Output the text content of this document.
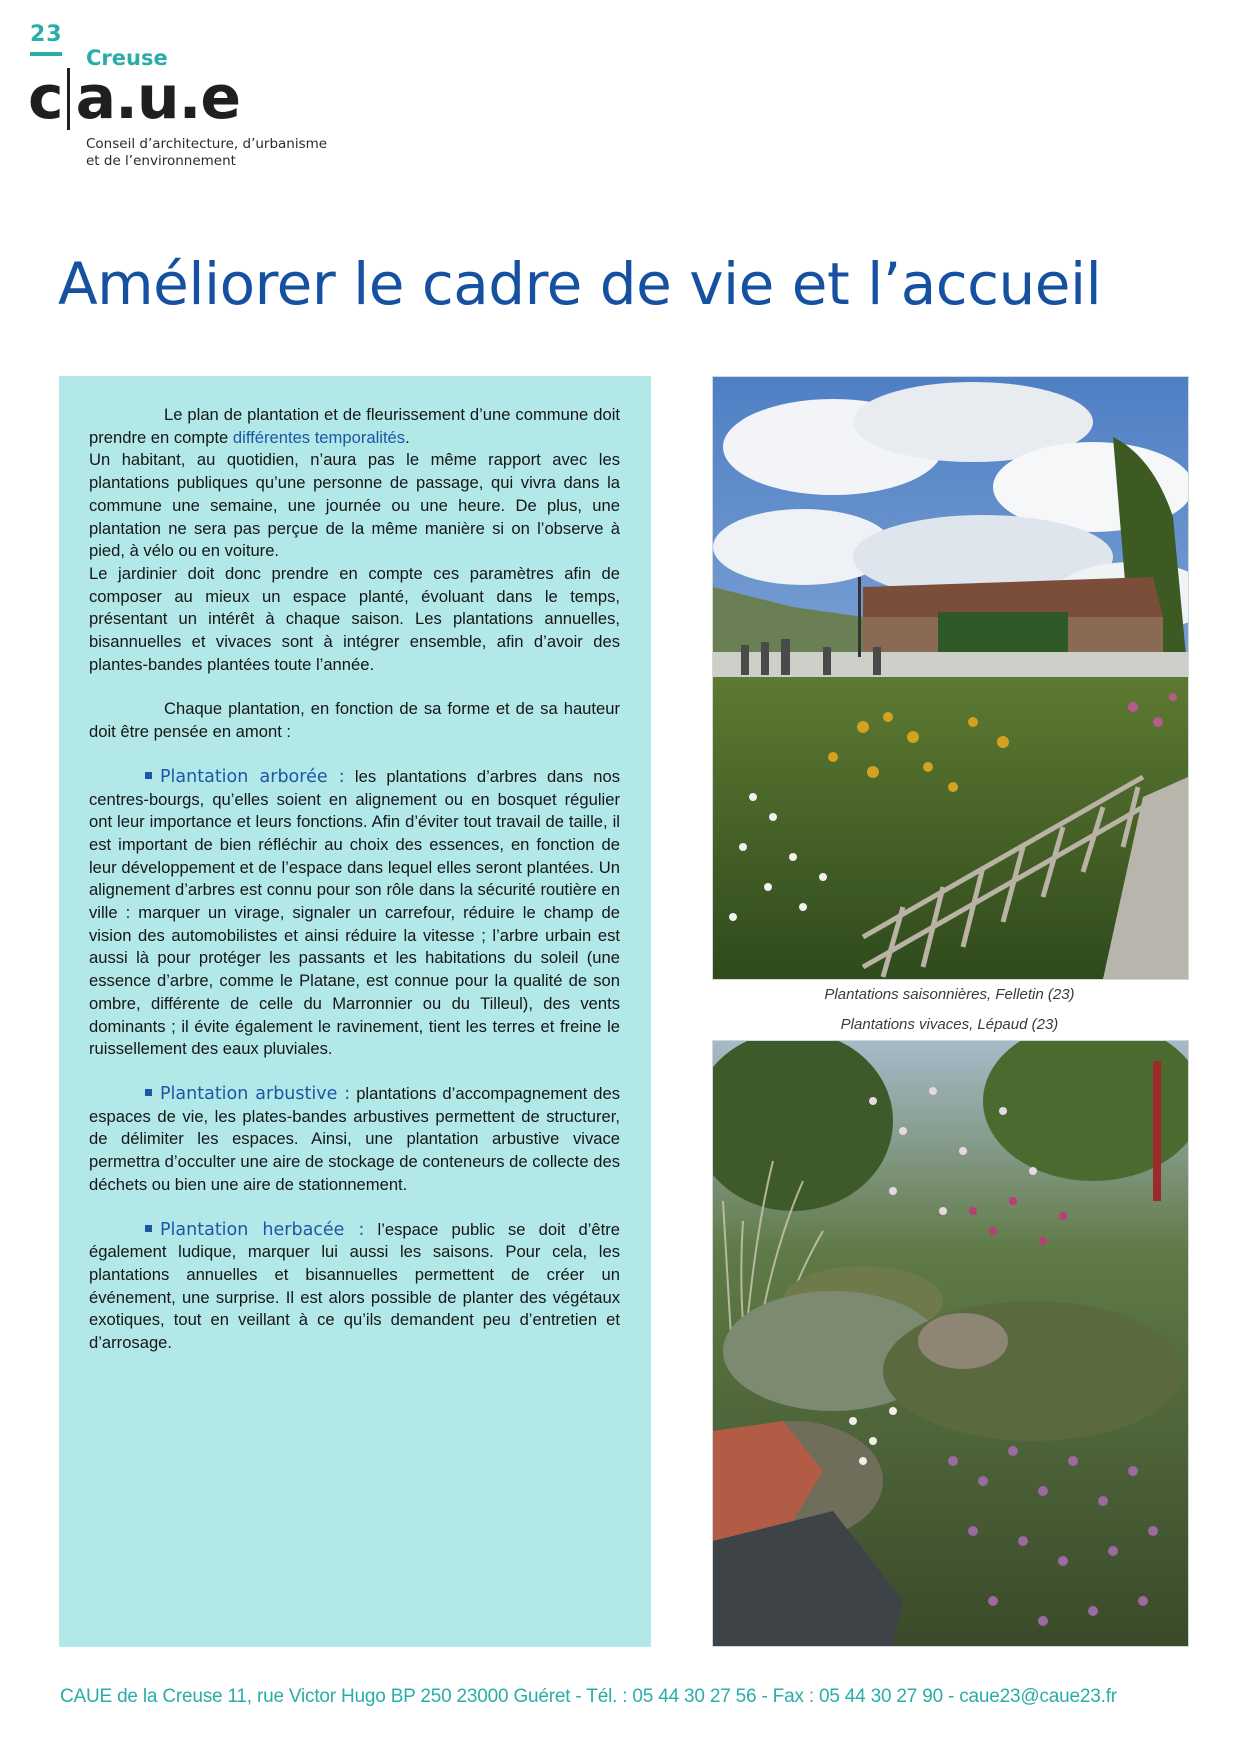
23
Creuse
c a.u.e
Conseil d’architecture, d’urbanisme
et de l’environnement
Améliorer le cadre de vie et l’accueil

Le plan de plantation et de fleurissement d’une commune doit prendre en compte différentes temporalités.

Un habitant, au quotidien, n’aura pas le même rapport avec les plantations publiques qu’une personne de passage, qui vivra dans la commune une semaine, une journée ou une heure. De plus, une plantation ne sera pas perçue de la même manière si on l’observe à pied, à vélo ou en voiture.

Le jardinier doit donc prendre en compte ces paramètres afin de composer au mieux un espace planté, évoluant dans le temps, présentant un intérêt à chaque saison. Les plantations annuelles, bisannuelles et vivaces sont à intégrer ensemble, afin d’avoir des plantes-bandes plantées toute l’année.

Chaque plantation, en fonction de sa forme et de sa hauteur doit être pensée en amont :

Plantation arborée : les plantations d’arbres dans nos centres-bourgs, qu’elles soient en alignement ou en bosquet régulier ont leur importance et leurs fonctions. Afin d’éviter tout travail de taille, il est important de bien réfléchir au choix des essences, en fonction de leur développement et de l’espace dans lequel elles seront plantées. Un alignement d’arbres est connu pour son rôle dans la sécurité routière en ville : marquer un virage, signaler un carrefour, réduire le champ de vision des automobilistes et ainsi réduire la vitesse ; l’arbre urbain est aussi là pour protéger les passants et les habitations du soleil (une essence d’arbre, comme le Platane, est connue pour la qualité de son ombre, différente de celle du Marronnier ou du Tilleul), des vents dominants ; il évite également le ravinement, tient les terres et freine le ruissellement des eaux pluviales.

Plantation arbustive : plantations d’accompagnement des espaces de vie, les plates-bandes arbustives permettent de structurer, de délimiter les espaces. Ainsi, une plantation arbustive vivace permettra d’occulter une aire de stockage de conteneurs de collecte des déchets ou bien une aire de stationnement.

Plantation herbacée : l’espace public se doit d’être également ludique, marquer lui aussi les saisons. Pour cela, les plantations annuelles et bisannuelles permettent de créer un événement, une surprise. Il est alors possible de planter des végétaux exotiques, tout en veillant à ce qu’ils demandent peu d’entretien et d’arrosage.

Plantations saisonnières, Felletin (23)
Plantations vivaces, Lépaud (23)
CAUE de la Creuse 11, rue Victor Hugo BP 250 23000 Guéret - Tél. : 05 44 30 27 56 - Fax : 05 44 30 27 90 - caue23@caue23.fr
